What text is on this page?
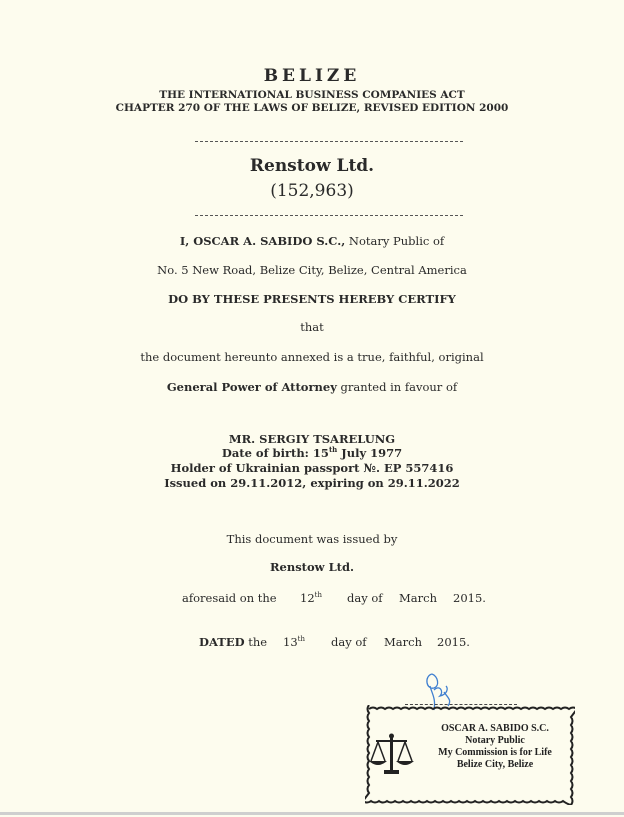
BELIZE
THE INTERNATIONAL BUSINESS COMPANIES ACT
CHAPTER 270 OF THE LAWS OF BELIZE, REVISED EDITION 2000
Renstow Ltd.
(152,963)
I, OSCAR A. SABIDO S.C., Notary Public of
No. 5 New Road, Belize City, Belize, Central America
DO BY THESE PRESENTS HEREBY CERTIFY
that
the document hereunto annexed is a true, faithful, original
General Power of Attorney granted in favour of
MR. SERGIY TSARELUNG
Date of birth: 15th July 1977
Holder of Ukrainian passport №. EP 557416
Issued on 29.11.2012, expiring on 29.11.2022
This document was issued by
Renstow Ltd.
aforesaid on the 12th day of March 2015.
DATED the 13th day of March 2015.
OSCAR A. SABIDO S.C.
Notary Public
My Commission is for Life
Belize City, Belize
